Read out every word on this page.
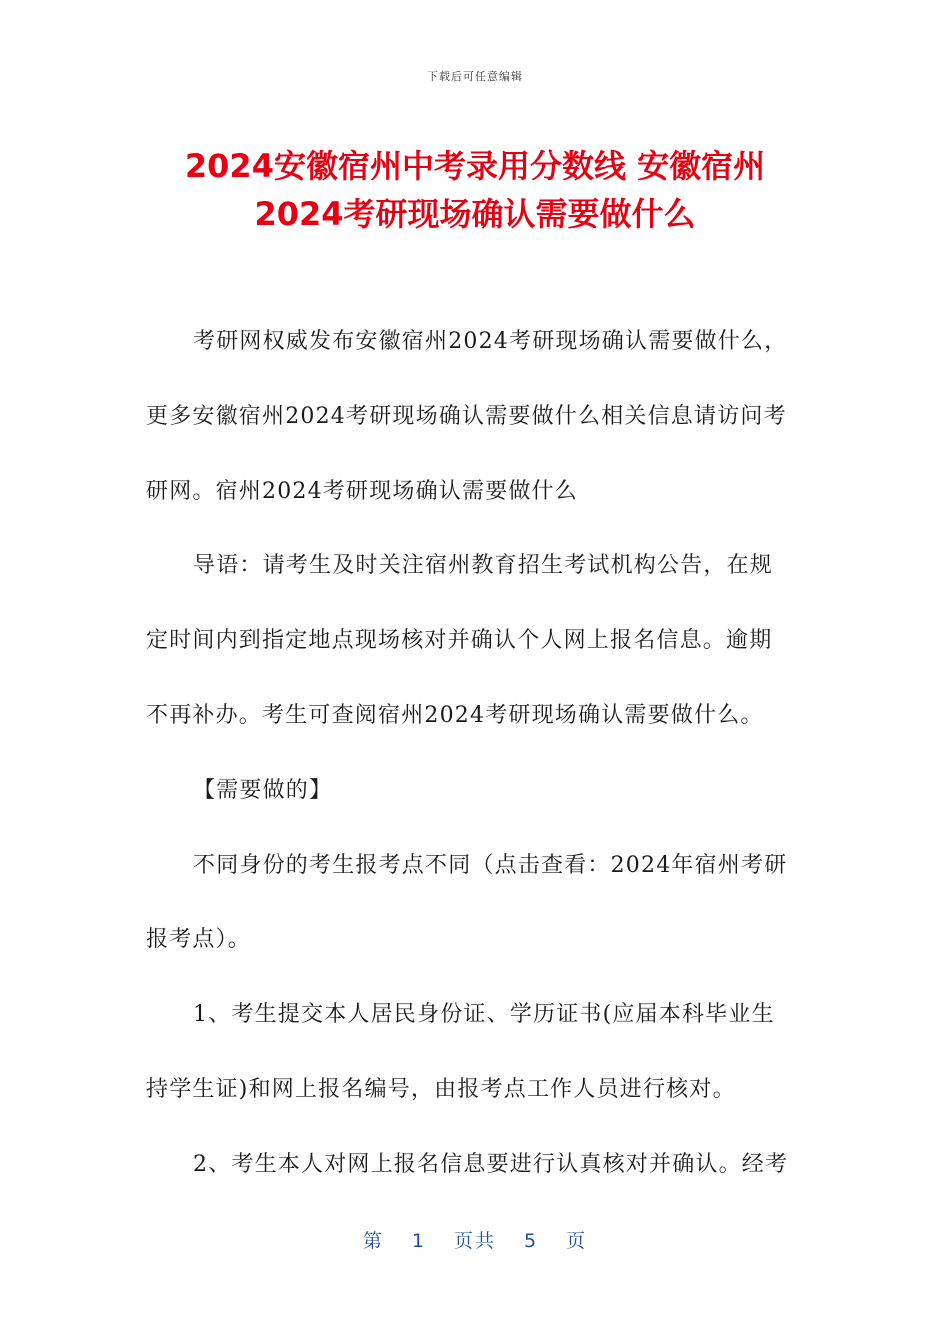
下载后可任意编辑
2024安徽宿州中考录用分数线 安徽宿州
2024考研现场确认需要做什么
考研网权威发布安徽宿州2024考研现场确认需要做什么，
更多安徽宿州2024考研现场确认需要做什么相关信息请访问考
研网。宿州2024考研现场确认需要做什么
导语：请考生及时关注宿州教育招生考试机构公告，在规
定时间内到指定地点现场核对并确认个人网上报名信息。逾期
不再补办。考生可查阅宿州2024考研现场确认需要做什么。
【需要做的】
不同身份的考生报考点不同（点击查看：2024年宿州考研
报考点）。
1、考生提交本人居民身份证、学历证书(应届本科毕业生
持学生证)和网上报名编号，由报考点工作人员进行核对。
2、考生本人对网上报名信息要进行认真核对并确认。经考
第 1 页共 5 页
